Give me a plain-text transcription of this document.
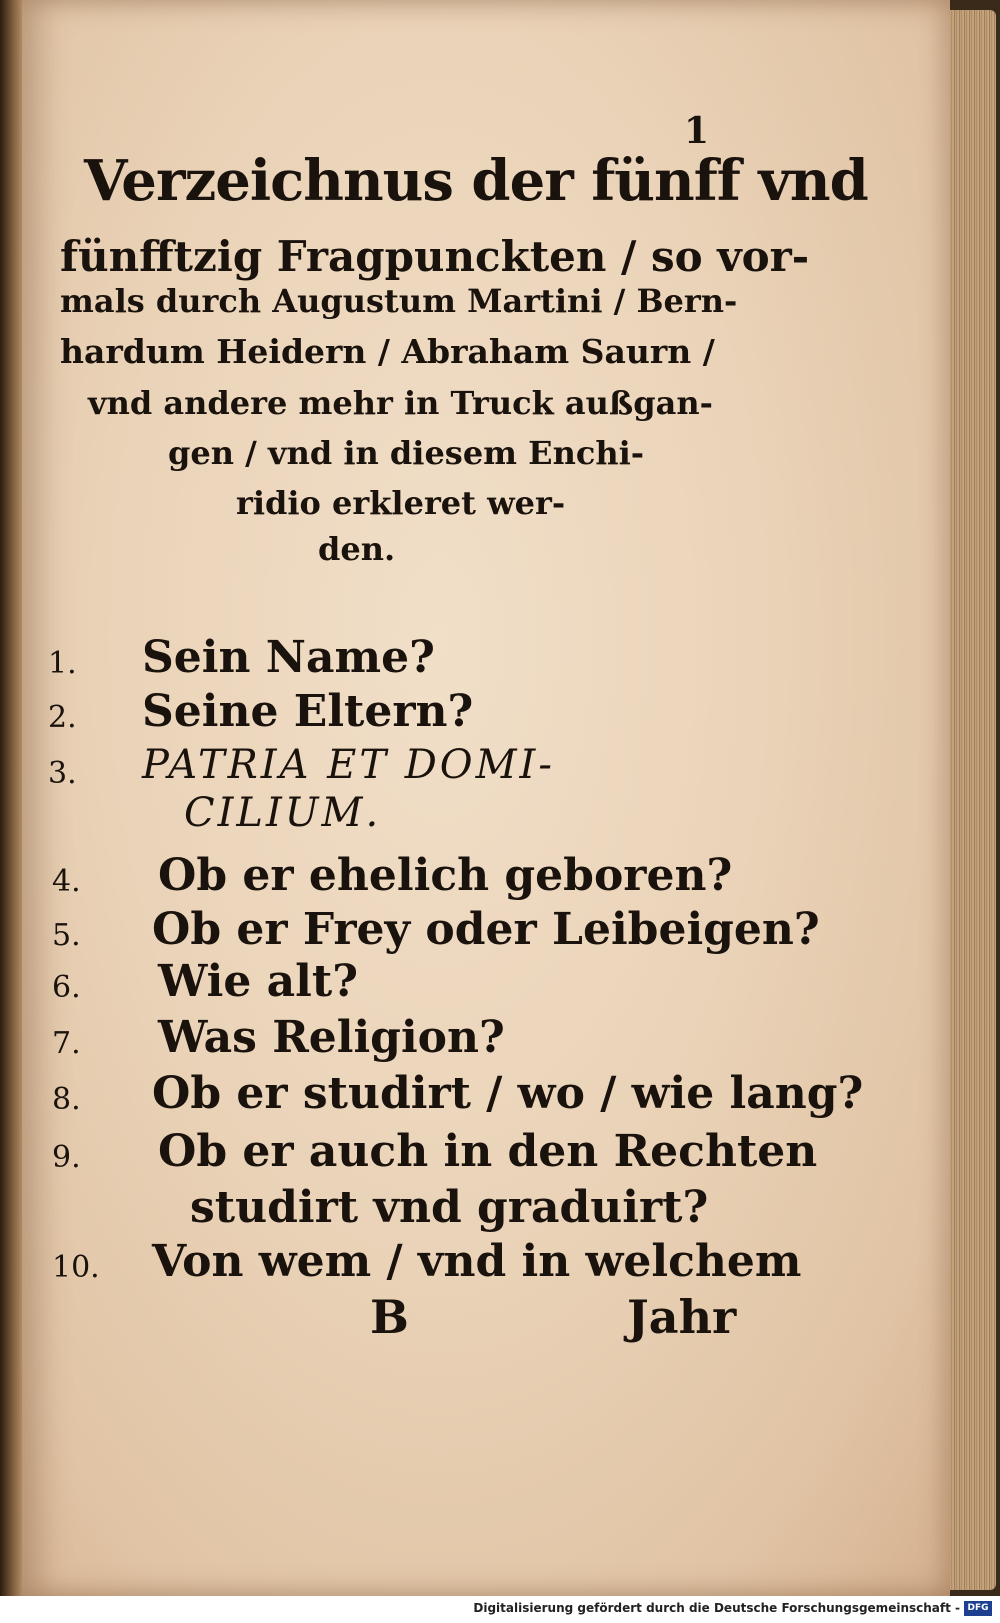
1
Verzeichnus der fünff vnd
fünfftzig Fragpunckten / so vor-
mals durch Augustum Martini / Bern-
hardum Heidern / Abraham Saurn /
vnd andere mehr in Truck außgan-
gen / vnd in diesem Enchi-
ridio erkleret wer-
den.
1. Sein Name?
2. Seine Eltern?
3. PATRIA ET DOMI-
CILIUM.
4. Ob er ehelich geboren?
5. Ob er Frey oder Leibeigen?
6. Wie alt?
7. Was Religion?
8. Ob er studirt / wo / wie lang?
9. Ob er auch in den Rechten
studirt vnd graduirt?
10. Von wem / vnd in welchem
B	Jahr
Digitalisierung gefördert durch die Deutsche Forschungsgemeinschaft - DFG
